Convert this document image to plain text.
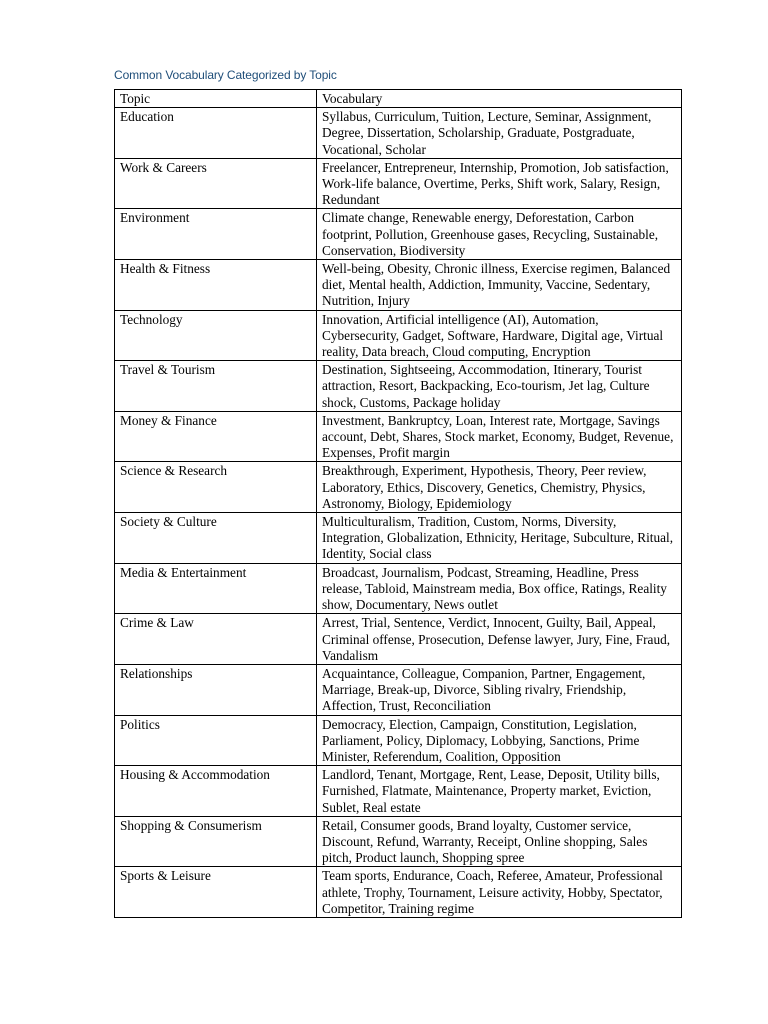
Common Vocabulary Categorized by Topic
Topic	Vocabulary
Education	Syllabus, Curriculum, Tuition, Lecture, Seminar, Assignment, Degree, Dissertation, Scholarship, Graduate, Postgraduate, Vocational, Scholar
Work & Careers	Freelancer, Entrepreneur, Internship, Promotion, Job satisfaction, Work-life balance, Overtime, Perks, Shift work, Salary, Resign, Redundant
Environment	Climate change, Renewable energy, Deforestation, Carbon footprint, Pollution, Greenhouse gases, Recycling, Sustainable, Conservation, Biodiversity
Health & Fitness	Well-being, Obesity, Chronic illness, Exercise regimen, Balanced diet, Mental health, Addiction, Immunity, Vaccine, Sedentary, Nutrition, Injury
Technology	Innovation, Artificial intelligence (AI), Automation, Cybersecurity, Gadget, Software, Hardware, Digital age, Virtual reality, Data breach, Cloud computing, Encryption
Travel & Tourism	Destination, Sightseeing, Accommodation, Itinerary, Tourist attraction, Resort, Backpacking, Eco-tourism, Jet lag, Culture shock, Customs, Package holiday
Money & Finance	Investment, Bankruptcy, Loan, Interest rate, Mortgage, Savings account, Debt, Shares, Stock market, Economy, Budget, Revenue, Expenses, Profit margin
Science & Research	Breakthrough, Experiment, Hypothesis, Theory, Peer review, Laboratory, Ethics, Discovery, Genetics, Chemistry, Physics, Astronomy, Biology, Epidemiology
Society & Culture	Multiculturalism, Tradition, Custom, Norms, Diversity, Integration, Globalization, Ethnicity, Heritage, Subculture, Ritual, Identity, Social class
Media & Entertainment	Broadcast, Journalism, Podcast, Streaming, Headline, Press release, Tabloid, Mainstream media, Box office, Ratings, Reality show, Documentary, News outlet
Crime & Law	Arrest, Trial, Sentence, Verdict, Innocent, Guilty, Bail, Appeal, Criminal offense, Prosecution, Defense lawyer, Jury, Fine, Fraud, Vandalism
Relationships	Acquaintance, Colleague, Companion, Partner, Engagement, Marriage, Break-up, Divorce, Sibling rivalry, Friendship, Affection, Trust, Reconciliation
Politics	Democracy, Election, Campaign, Constitution, Legislation, Parliament, Policy, Diplomacy, Lobbying, Sanctions, Prime Minister, Referendum, Coalition, Opposition
Housing & Accommodation	Landlord, Tenant, Mortgage, Rent, Lease, Deposit, Utility bills, Furnished, Flatmate, Maintenance, Property market, Eviction, Sublet, Real estate
Shopping & Consumerism	Retail, Consumer goods, Brand loyalty, Customer service, Discount, Refund, Warranty, Receipt, Online shopping, Sales pitch, Product launch, Shopping spree
Sports & Leisure	Team sports, Endurance, Coach, Referee, Amateur, Professional athlete, Trophy, Tournament, Leisure activity, Hobby, Spectator, Competitor, Training regime
